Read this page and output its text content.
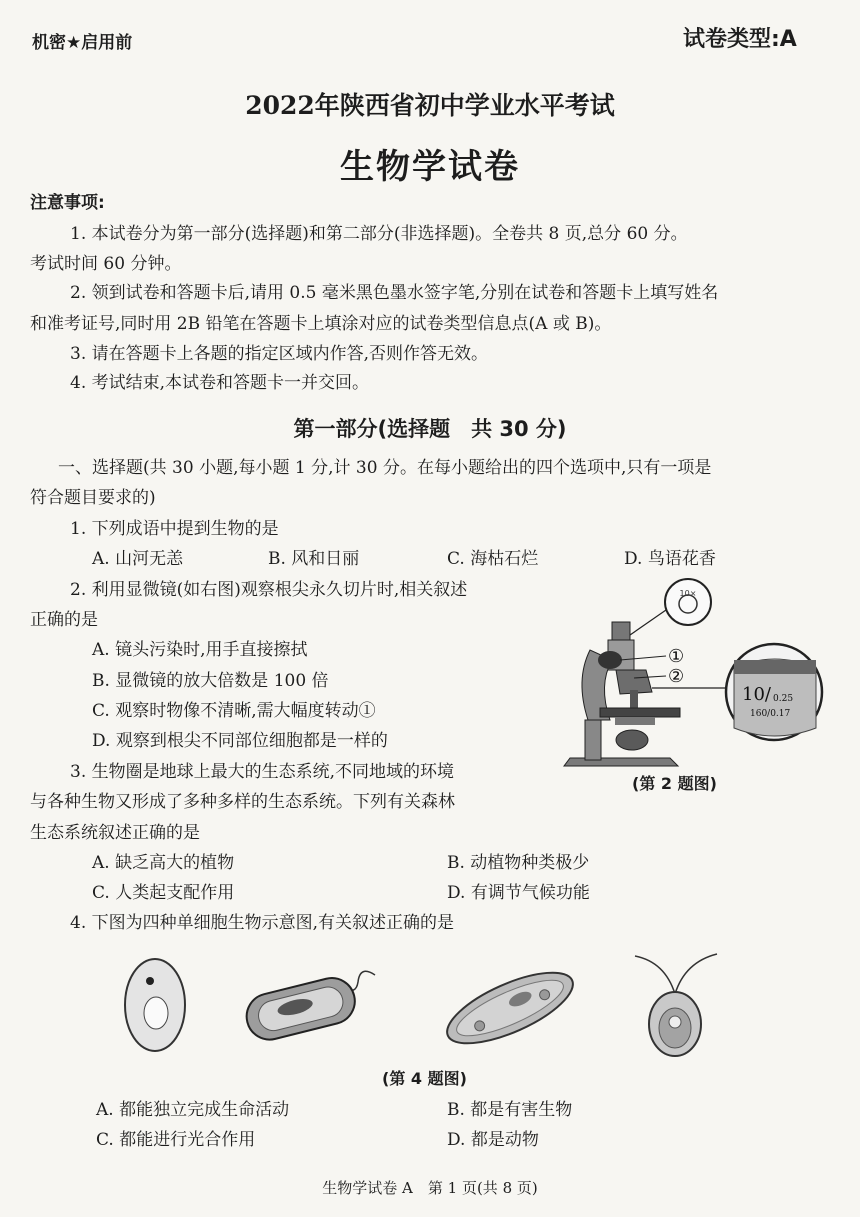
机密★启用前	试卷类型:A
2022年陕西省初中学业水平考试
生物学试卷
注意事项:
1. 本试卷分为第一部分(选择题)和第二部分(非选择题)。全卷共 8 页,总分 60 分。
考试时间 60 分钟。
2. 领到试卷和答题卡后,请用 0.5 毫米黑色墨水签字笔,分别在试卷和答题卡上填写姓名
和准考证号,同时用 2B 铅笔在答题卡上填涂对应的试卷类型信息点(A 或 B)。
3. 请在答题卡上各题的指定区域内作答,否则作答无效。
4. 考试结束,本试卷和答题卡一并交回。
第一部分(选择题　共 30 分)
一、选择题(共 30 小题,每小题 1 分,计 30 分。在每小题给出的四个选项中,只有一项是
符合题目要求的)
1. 下列成语中提到生物的是
A. 山河无恙	B. 风和日丽	C. 海枯石烂	D. 鸟语花香
2. 利用显微镜(如右图)观察根尖永久切片时,相关叙述
正确的是
A. 镜头污染时,用手直接擦拭
B. 显微镜的放大倍数是 100 倍
C. 观察时物像不清晰,需大幅度转动①
D. 观察到根尖不同部位细胞都是一样的
10×
①
②
10/ 0.25
160/0.17
(第 2 题图)
3. 生物圈是地球上最大的生态系统,不同地域的环境
与各种生物又形成了多种多样的生态系统。下列有关森林
生态系统叙述正确的是
A. 缺乏高大的植物	B. 动植物种类极少
C. 人类起支配作用	D. 有调节气候功能
4. 下图为四种单细胞生物示意图,有关叙述正确的是
(第 4 题图)
A. 都能独立完成生命活动	B. 都是有害生物
C. 都能进行光合作用	D. 都是动物
生物学试卷 A　第 1 页(共 8 页)
